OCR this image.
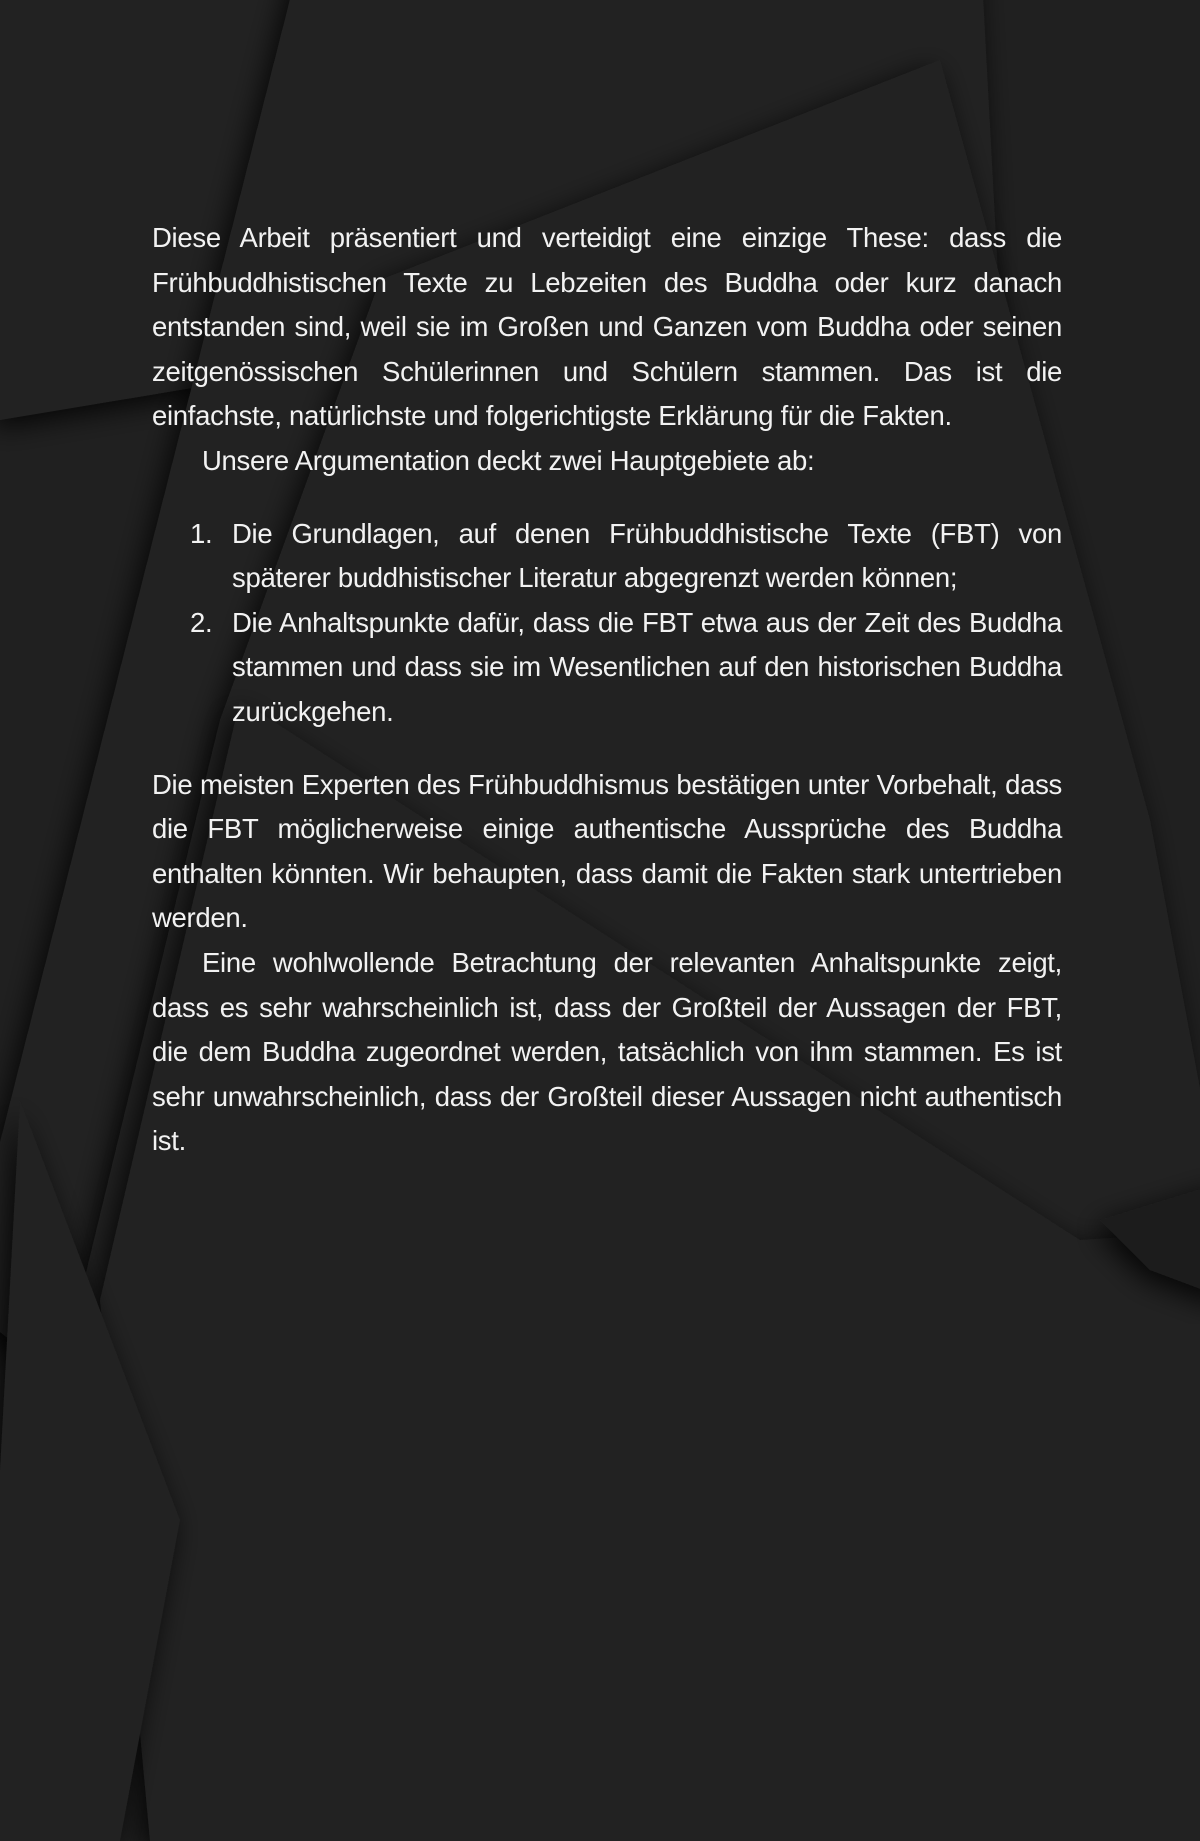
Diese Arbeit präsentiert und verteidigt eine einzige These: dass die Frühbuddhistischen Texte zu Lebzeiten des Buddha oder kurz danach entstanden sind, weil sie im Großen und Ganzen vom Buddha oder seinen zeitgenössischen Schülerinnen und Schülern stammen. Das ist die einfachste, natürlichste und folgerichtigste Erklärung für die Fakten.

Unsere Argumentation deckt zwei Hauptgebiete ab:

1. Die Grundlagen, auf denen Frühbuddhistische Texte (FBT) von späterer buddhistischer Literatur abgegrenzt werden können;
2. Die Anhaltspunkte dafür, dass die FBT etwa aus der Zeit des Buddha stammen und dass sie im Wesentlichen auf den historischen Buddha zurückgehen.

Die meisten Experten des Frühbuddhismus bestätigen unter Vorbehalt, dass die FBT möglicherweise einige authentische Aussprüche des Buddha enthalten könnten. Wir behaupten, dass damit die Fakten stark untertrieben werden.

Eine wohlwollende Betrachtung der relevanten Anhaltspunkte zeigt, dass es sehr wahrscheinlich ist, dass der Großteil der Aussagen der FBT, die dem Buddha zugeordnet werden, tatsächlich von ihm stammen. Es ist sehr unwahrscheinlich, dass der Großteil dieser Aussagen nicht authentisch ist.
